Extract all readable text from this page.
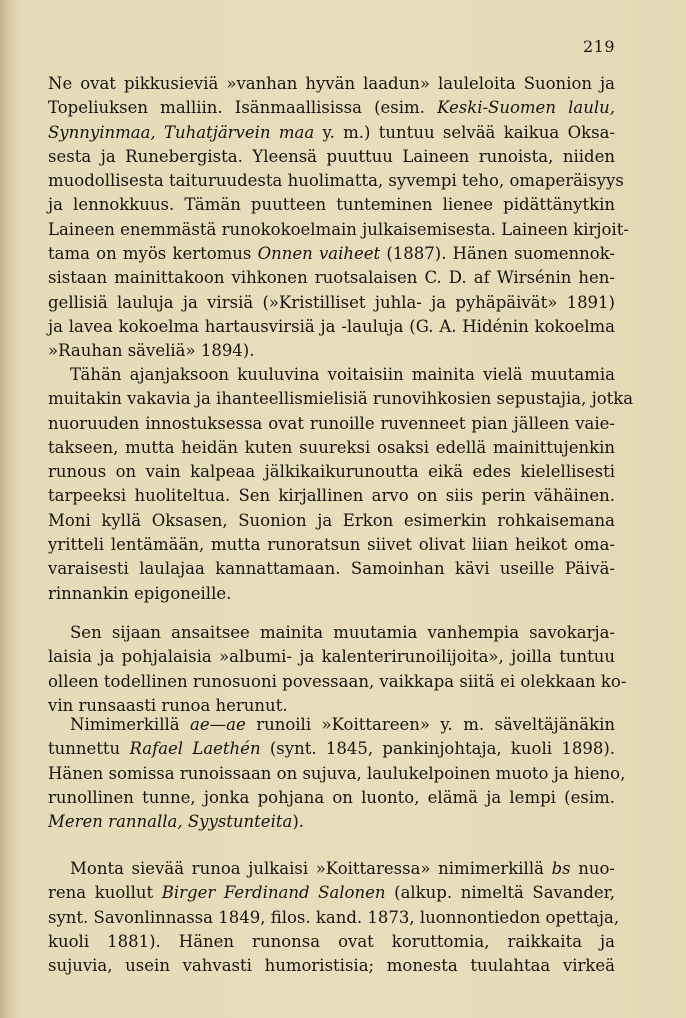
219
Ne ovat pikkusieviä »vanhan hyvän laadun» lauleloita Suonion ja
Topeliuksen malliin. Isänmaallisissa (esim. Keski-Suomen laulu,
Synnyinmaa, Tuhatjärvein maa y. m.) tuntuu selvää kaikua Oksa-
sesta ja Runebergista. Yleensä puuttuu Laineen runoista, niiden
muodollisesta taituruudesta huolimatta, syvempi teho, omaperäisyys
ja lennokkuus. Tämän puutteen tunteminen lienee pidättänytkin
Laineen enemmästä runokokoelmain julkaisemisesta. Laineen kirjoit-
tama on myös kertomus Onnen vaiheet (1887). Hänen suomennok-
sistaan mainittakoon vihkonen ruotsalaisen C. D. af Wirsénin hen-
gellisiä lauluja ja virsiä (»Kristilliset juhla- ja pyhäpäivät» 1891)
ja lavea kokoelma hartausvirsiä ja -lauluja (G. A. Hidénin kokoelma
»Rauhan säveliä» 1894).
Tähän ajanjaksoon kuuluvina voitaisiin mainita vielä muutamia
muitakin vakavia ja ihanteellismielisiä runovihkosien sepustajia, jotka
nuoruuden innostuksessa ovat runoille ruvenneet pian jälleen vaie-
takseen, mutta heidän kuten suureksi osaksi edellä mainittujenkin
runous on vain kalpeaa jälkikaikurunoutta eikä edes kielellisesti
tarpeeksi huoliteltua. Sen kirjallinen arvo on siis perin vähäinen.
Moni kyllä Oksasen, Suonion ja Erkon esimerkin rohkaisemana
yritteli lentämään, mutta runoratsun siivet olivat liian heikot oma-
varaisesti laulajaa kannattamaan. Samoinhan kävi useille Päivä-
rinnankin epigoneille.
Sen sijaan ansaitsee mainita muutamia vanhempia savokarja-
laisia ja pohjalaisia »albumi- ja kalenterirunoilijoita», joilla tuntuu
olleen todellinen runosuoni povessaan, vaikkapa siitä ei olekkaan ko-
vin runsaasti runoa herunut.
Nimimerkillä ae—ae runoili »Koittareen» y. m. säveltäjänäkin
tunnettu Rafael Laethén (synt. 1845, pankinjohtaja, kuoli 1898).
Hänen somissa runoissaan on sujuva, laulukelpoinen muoto ja hieno,
runollinen tunne, jonka pohjana on luonto, elämä ja lempi (esim.
Meren rannalla, Syystunteita).
Monta sievää runoa julkaisi »Koittaressa» nimimerkillä bs nuo-
rena kuollut Birger Ferdinand Salonen (alkup. nimeltä Savander,
synt. Savonlinnassa 1849, filos. kand. 1873, luonnontiedon opettaja,
kuoli 1881). Hänen runonsa ovat koruttomia, raikkaita ja
sujuvia, usein vahvasti humoristisia; monesta tuulahtaa virkeä
